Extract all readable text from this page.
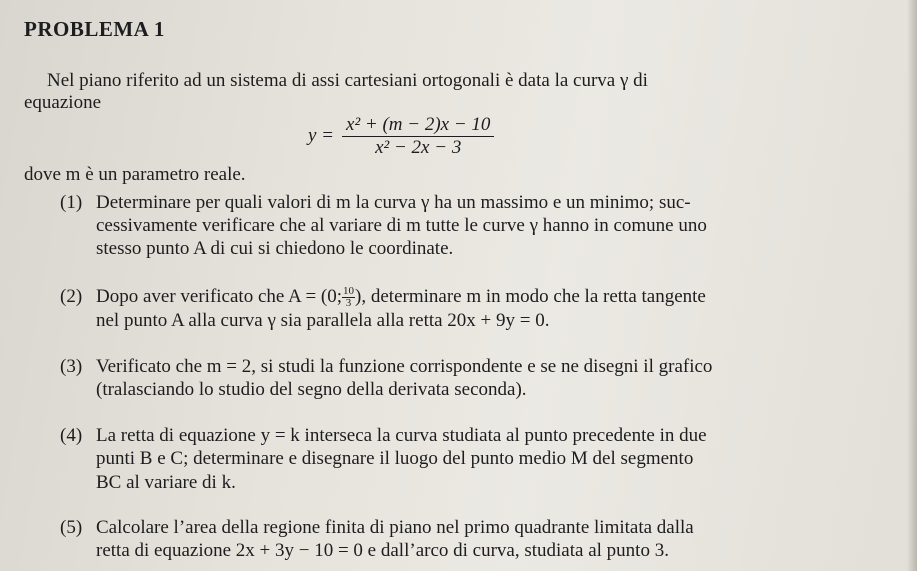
PROBLEMA 1
Nel piano riferito ad un sistema di assi cartesiani ortogonali è data la curva γ di
equazione
$y = \frac{\text{x² + (m − 2)x − 10}}{\text{x² − 2x − 3}}$
dove m è un parametro reale.
(1) Determinare per quali valori di m la curva γ ha un massimo e un minimo; suc-
cessivamente verificare che al variare di m tutte le curve γ hanno in comune uno
stesso punto A di cui si chiedono le coordinate.
(2) Dopo aver verificato che A = (0; $\frac{10}{3}$ ), determinare m in modo che la retta tangente
nel punto A alla curva γ sia parallela alla retta 20x + 9y = 0.
(3) Verificato che m = 2, si studi la funzione corrispondente e se ne disegni il grafico
(tralasciando lo studio del segno della derivata seconda).
(4) La retta di equazione y = k interseca la curva studiata al punto precedente in due
punti B e C; determinare e disegnare il luogo del punto medio M del segmento
BC al variare di k.
(5) Calcolare l’area della regione finita di piano nel primo quadrante limitata dalla
retta di equazione 2x + 3y − 10 = 0 e dall’arco di curva, studiata al punto 3.
